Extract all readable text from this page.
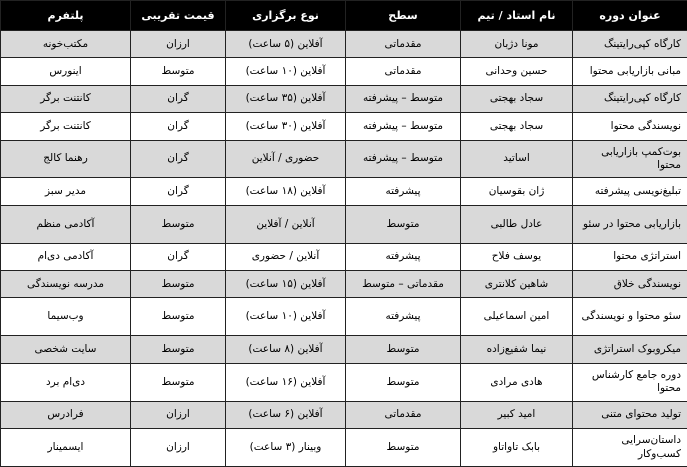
عنوان دوره	نام استاد / تیم	سطح	نوع برگزاری	قیمت تقریبی	پلتفرم
کارگاه کپی‌رایتینگ	مونا دژبان	مقدماتی	آفلاین (۵ ساعت)	ارزان	مکتب‌خونه
مبانی بازاریابی محتوا	حسین وحدانی	مقدماتی	آفلاین (۱۰ ساعت)	متوسط	اینورس
کارگاه کپی‌رایتینگ	سجاد بهجتی	متوسط – پیشرفته	آفلاین (۳۵ ساعت)	گران	کانتنت برگر
نویسندگی محتوا	سجاد بهجتی	متوسط – پیشرفته	آفلاین (۳۰ ساعت)	گران	کانتنت برگر
بوت‌کمپ بازاریابی محتوا	اساتید	متوسط – پیشرفته	حضوری / آنلاین	گران	رهنما کالج
تبلیغ‌نویسی پیشرفته	ژان بقوسیان	پیشرفته	آفلاین (۱۸ ساعت)	گران	مدیر سبز
بازاریابی محتوا در سئو	عادل طالبی	متوسط	آنلاین / آفلاین	متوسط	آکادمی منظم
استراتژی محتوا	یوسف فلاح	پیشرفته	آنلاین / حضوری	گران	آکادمی دی‌ام
نویسندگی خلاق	شاهین کلانتری	مقدماتی – متوسط	آفلاین (۱۵ ساعت)	متوسط	مدرسه نویسندگی
سئو محتوا و نویسندگی	امین اسماعیلی	پیشرفته	آفلاین (۱۰ ساعت)	متوسط	وب‌سیما
میکروبوک استراتژی	نیما شفیع‌زاده	متوسط	آفلاین (۸ ساعت)	متوسط	سایت شخصی
دوره جامع کارشناس محتوا	هادی مرادی	متوسط	آفلاین (۱۶ ساعت)	متوسط	دی‌ام برد
تولید محتوای متنی	امید کبیر	مقدماتی	آفلاین (۶ ساعت)	ارزان	فرادرس
داستان‌سرایی کسب‌وکار	بابک تاواتاو	متوسط	وبینار (۳ ساعت)	ارزان	ایسمینار
